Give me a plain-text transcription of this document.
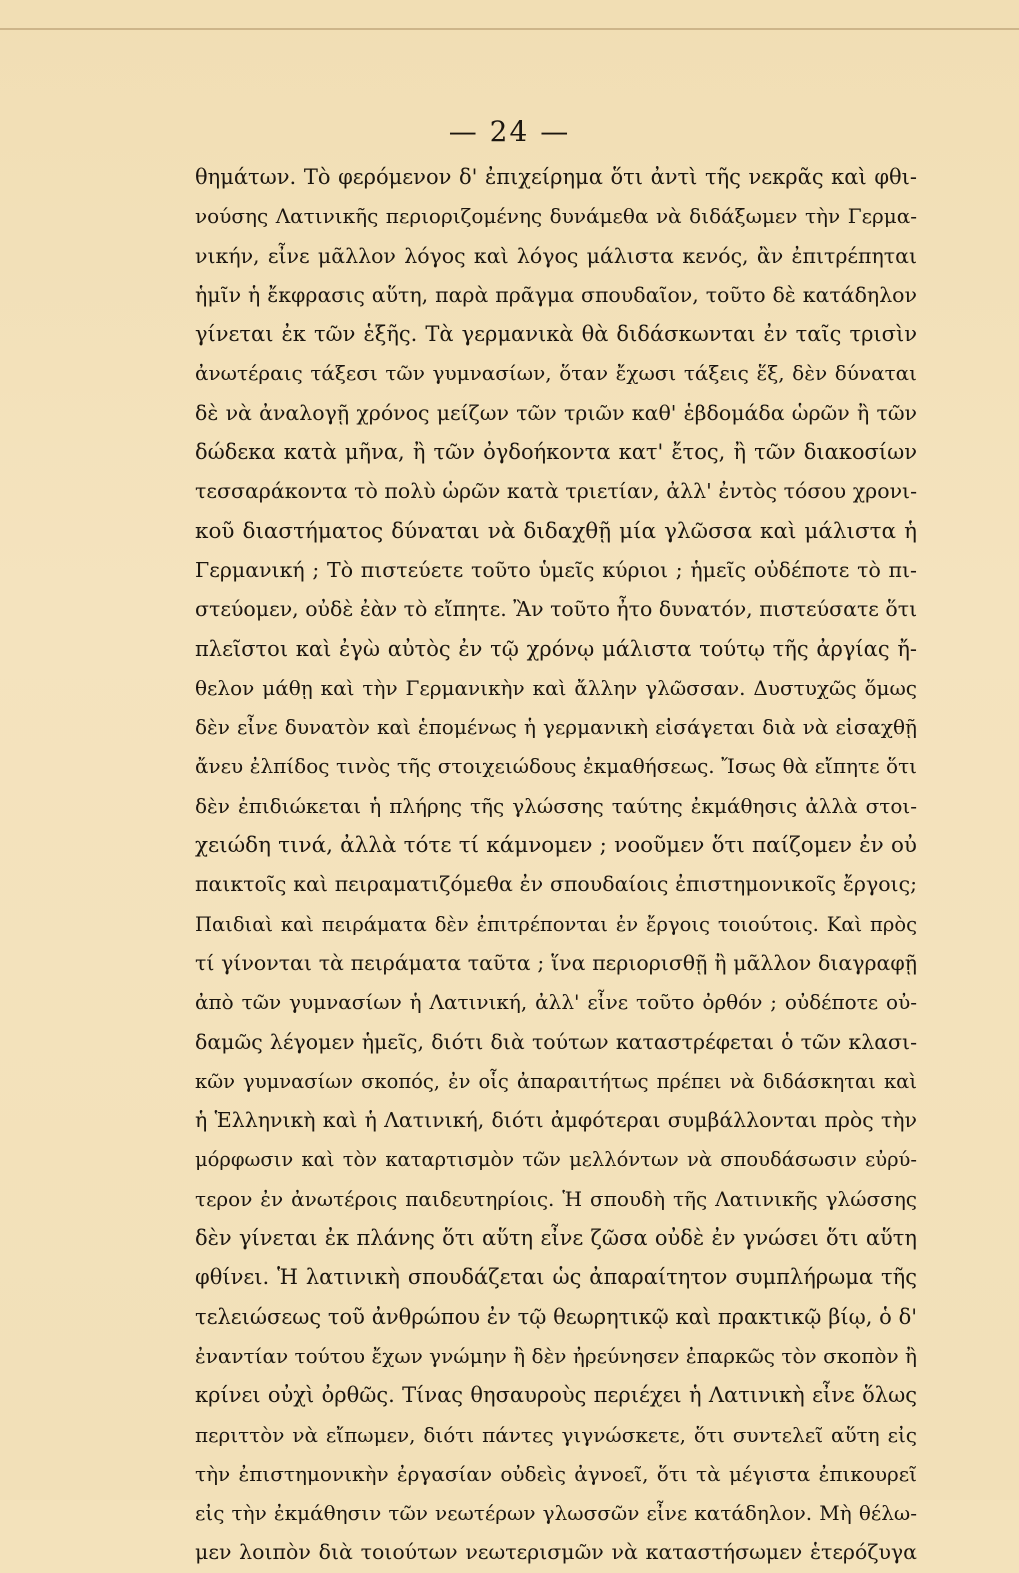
— 24 —
θημάτων. Τὸ φερόμενον δ' ἐπιχείρημα ὅτι ἀντὶ τῆς νεκρᾶς καὶ φθι-
νούσης Λατινικῆς περιοριζομένης δυνάμεθα νὰ διδάξωμεν τὴν Γερμα-
νικήν, εἶνε μᾶλλον λόγος καὶ λόγος μάλιστα κενός, ἂν ἐπιτρέπηται
ἡμῖν ἡ ἔκφρασις αὕτη, παρὰ πρᾶγμα σπουδαῖον, τοῦτο δὲ κατάδηλον
γίνεται ἐκ τῶν ἑξῆς. Τὰ γερμανικὰ θὰ διδάσκωνται ἐν ταῖς τρισὶν
ἀνωτέραις τάξεσι τῶν γυμνασίων, ὅταν ἔχωσι τάξεις ἕξ, δὲν δύναται
δὲ νὰ ἀναλογῇ χρόνος μείζων τῶν τριῶν καθ' ἑβδομάδα ὡρῶν ἢ τῶν
δώδεκα κατὰ μῆνα, ἢ τῶν ὀγδοήκοντα κατ' ἔτος, ἢ τῶν διακοσίων
τεσσαράκοντα τὸ πολὺ ὡρῶν κατὰ τριετίαν, ἀλλ' ἐντὸς τόσου χρονι-
κοῦ διαστήματος δύναται νὰ διδαχθῇ μία γλῶσσα καὶ μάλιστα ἡ
Γερμανική ; Τὸ πιστεύετε τοῦτο ὑμεῖς κύριοι ; ἡμεῖς οὐδέποτε τὸ πι-
στεύομεν, οὐδὲ ἐὰν τὸ εἴπητε. Ἂν τοῦτο ἦτο δυνατόν, πιστεύσατε ὅτι
πλεῖστοι καὶ ἐγὼ αὐτὸς ἐν τῷ χρόνῳ μάλιστα τούτῳ τῆς ἀργίας ἤ-
θελον μάθῃ καὶ τὴν Γερμανικὴν καὶ ἄλλην γλῶσσαν. Δυστυχῶς ὅμως
δὲν εἶνε δυνατὸν καὶ ἑπομένως ἡ γερμανικὴ εἰσάγεται διὰ νὰ εἰσαχθῇ
ἄνευ ἐλπίδος τινὸς τῆς στοιχειώδους ἐκμαθήσεως. Ἴσως θὰ εἴπητε ὅτι
δὲν ἐπιδιώκεται ἡ πλήρης τῆς γλώσσης ταύτης ἐκμάθησις ἀλλὰ στοι-
χειώδη τινά, ἀλλὰ τότε τί κάμνομεν ; νοοῦμεν ὅτι παίζομεν ἐν οὐ
παικτοῖς καὶ πειραματιζόμεθα ἐν σπουδαίοις ἐπιστημονικοῖς ἔργοις;
Παιδιαὶ καὶ πειράματα δὲν ἐπιτρέπονται ἐν ἔργοις τοιούτοις. Καὶ πρὸς
τί γίνονται τὰ πειράματα ταῦτα ; ἵνα περιορισθῇ ἢ μᾶλλον διαγραφῇ
ἀπὸ τῶν γυμνασίων ἡ Λατινική, ἀλλ' εἶνε τοῦτο ὀρθόν ; οὐδέποτε οὐ-
δαμῶς λέγομεν ἡμεῖς, διότι διὰ τούτων καταστρέφεται ὁ τῶν κλασι-
κῶν γυμνασίων σκοπός, ἐν οἷς ἀπαραιτήτως πρέπει νὰ διδάσκηται καὶ
ἡ Ἑλληνικὴ καὶ ἡ Λατινική, διότι ἀμφότεραι συμβάλλονται πρὸς τὴν
μόρφωσιν καὶ τὸν καταρτισμὸν τῶν μελλόντων νὰ σπουδάσωσιν εὐρύ-
τερον ἐν ἀνωτέροις παιδευτηρίοις. Ἡ σπουδὴ τῆς Λατινικῆς γλώσσης
δὲν γίνεται ἐκ πλάνης ὅτι αὕτη εἶνε ζῶσα οὐδὲ ἐν γνώσει ὅτι αὕτη
φθίνει. Ἡ λατινικὴ σπουδάζεται ὡς ἀπαραίτητον συμπλήρωμα τῆς
τελειώσεως τοῦ ἀνθρώπου ἐν τῷ θεωρητικῷ καὶ πρακτικῷ βίῳ, ὁ δ'
ἐναντίαν τούτου ἔχων γνώμην ἢ δὲν ἠρεύνησεν ἐπαρκῶς τὸν σκοπὸν ἢ
κρίνει οὐχὶ ὀρθῶς. Τίνας θησαυροὺς περιέχει ἡ Λατινικὴ εἶνε ὅλως
περιττὸν νὰ εἴπωμεν, διότι πάντες γιγνώσκετε, ὅτι συντελεῖ αὕτη εἰς
τὴν ἐπιστημονικὴν ἐργασίαν οὐδεὶς ἀγνοεῖ, ὅτι τὰ μέγιστα ἐπικουρεῖ
εἰς τὴν ἐκμάθησιν τῶν νεωτέρων γλωσσῶν εἶνε κατάδηλον. Μὴ θέλω-
μεν λοιπὸν διὰ τοιούτων νεωτερισμῶν νὰ καταστήσωμεν ἑτερόζυγα
